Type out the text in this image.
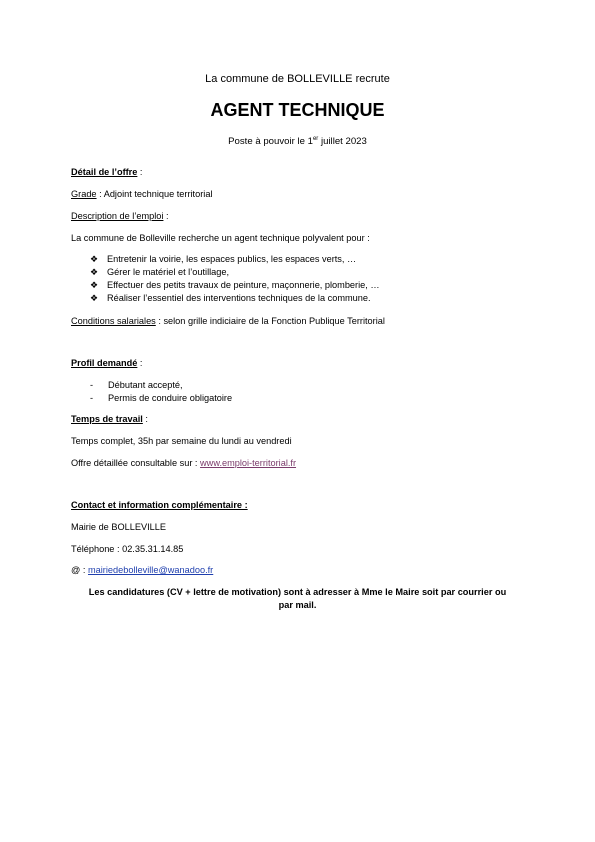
La commune de BOLLEVILLE recrute
AGENT TECHNIQUE
Poste à pouvoir le 1er juillet 2023
Détail de l’offre :
Grade : Adjoint technique territorial
Description de l’emploi :
La commune de Bolleville recherche un agent technique polyvalent pour :
❖ Entretenir la voirie, les espaces publics, les espaces verts, …
❖ Gérer le matériel et l’outillage,
❖ Effectuer des petits travaux de peinture, maçonnerie, plomberie, …
❖ Réaliser l’essentiel des interventions techniques de la commune.
Conditions salariales : selon grille indiciaire de la Fonction Publique Territorial
Profil demandé :
- Débutant accepté,
- Permis de conduire obligatoire
Temps de travail :
Temps complet, 35h par semaine du lundi au vendredi
Offre détaillée consultable sur : www.emploi-territorial.fr
Contact et information complémentaire :
Mairie de BOLLEVILLE
Téléphone : 02.35.31.14.85
@ : mairiedebolleville@wanadoo.fr
Les candidatures (CV + lettre de motivation) sont à adresser à Mme le Maire soit par courrier ou
par mail.
